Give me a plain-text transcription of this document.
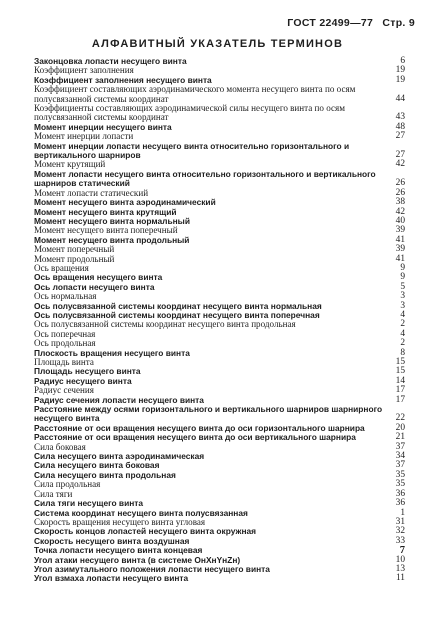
ГОСТ 22499—77 Стр. 9
АЛФАВИТНЫЙ УКАЗАТЕЛЬ ТЕРМИНОВ
Законцовка лопасти несущего винта	6
Коэффициент заполнения	19
Коэффициент заполнения несущего винта	19
Коэффициент составляющих аэродинамического момента несущего винта по осям полусвязанной системы координат	44
Коэффициенты составляющих аэродинамической силы несущего винта по осям полусвязанной системы координат	43
Момент инерции несущего винта	48
Момент инерции лопасти	27
Момент инерции лопасти несущего винта относительно горизонтального и вертикального шарниров	27
Момент крутящий	42
Момент лопасти несущего винта относительно горизонтального и вертикального шарниров статический	26
Момент лопасти статический	26
Момент несущего винта аэродинамический	38
Момент несущего винта крутящий	42
Момент несущего винта нормальный	40
Момент несущего винта поперечный	39
Момент несущего винта продольный	41
Момент поперечный	39
Момент продольный	41
Ось вращения	9
Ось вращения несущего винта	9
Ось лопасти несущего винта	5
Ось нормальная	3
Ось полусвязанной системы координат несущего винта нормальная	3
Ось полусвязанной системы координат несущего винта поперечная	4
Ось полусвязанной системы координат несущего винта продольная	2
Ось поперечная	4
Ось продольная	2
Плоскость вращения несущего винта	8
Площадь винта	15
Площадь несущего винта	15
Радиус несущего винта	14
Радиус сечения	17
Радиус сечения лопасти несущего винта	17
Расстояние между осями горизонтального и вертикального шарниров шарнирного несущего винта	22
Расстояние от оси вращения несущего винта до оси горизонтального шарнира	20
Расстояние от оси вращения несущего винта до оси вертикального шарнира	21
Сила боковая	37
Сила несущего винта аэродинамическая	34
Сила несущего винта боковая	37
Сила несущего винта продольная	35
Сила продольная	35
Сила тяги	36
Сила тяги несущего винта	36
Система координат несущего винта полусвязанная	1
Скорость вращения несущего винта угловая	31
Скорость концов лопастей несущего винта окружная	32
Скорость несущего винта воздушная	33
Точка лопасти несущего винта концевая	7
Угол атаки несущего винта (в системе OнXнYнZн)	10
Угол азимутального положения лопасти несущего винта	13
Угол взмаха лопасти несущего винта	11
